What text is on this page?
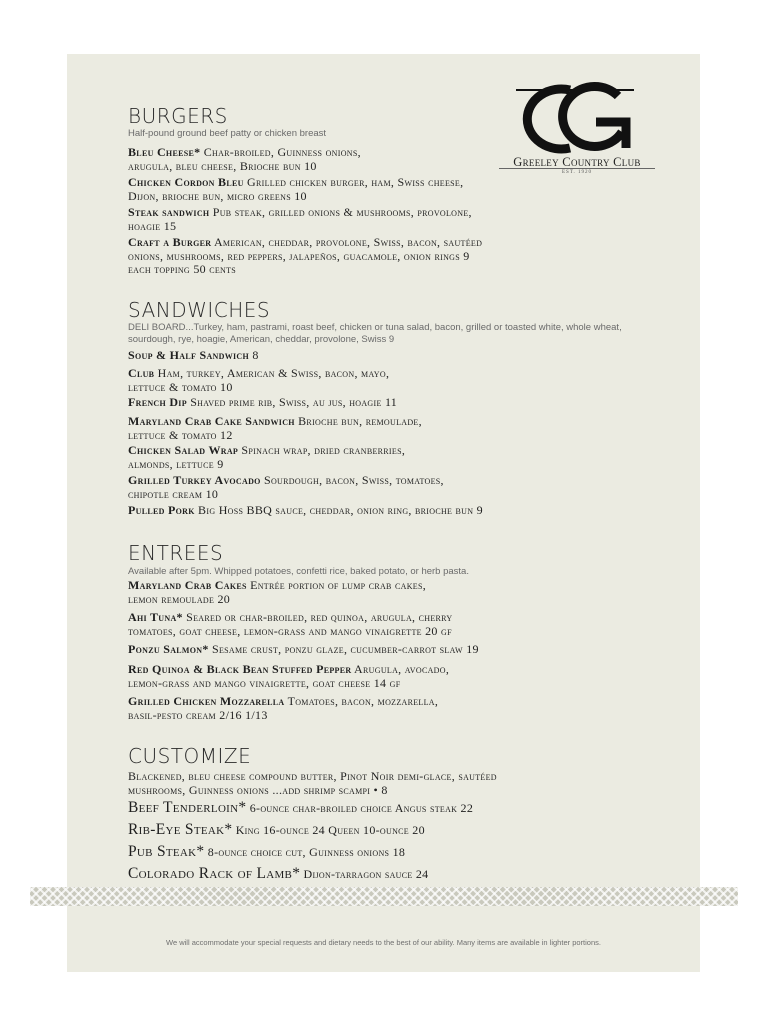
Greeley Country Club
EST. 1920
BURGERS
Half-pound ground beef patty or chicken breast
Bleu Cheese* Char-broiled, Guinness onions,
arugula, bleu cheese, Brioche bun 10
Chicken Cordon Bleu Grilled chicken burger, ham, Swiss cheese,
Dijon, brioche bun, micro greens 10
Steak sandwich Pub steak, grilled onions & mushrooms, provolone,
hoagie 15
Craft a Burger American, cheddar, provolone, Swiss, bacon, sautéed
onions, mushrooms, red peppers, jalapeños, guacamole, onion rings 9
each topping 50 cents
SANDWICHES
DELI BOARD...Turkey, ham, pastrami, roast beef, chicken or tuna salad, bacon, grilled or toasted white, whole wheat, sourdough, rye, hoagie, American, cheddar, provolone, Swiss 9
Soup & Half Sandwich 8
Club Ham, turkey, American & Swiss, bacon, mayo,
lettuce & tomato 10
French Dip Shaved prime rib, Swiss, au jus, hoagie 11
Maryland Crab Cake Sandwich Brioche bun, remoulade,
lettuce & tomato 12
Chicken Salad Wrap Spinach wrap, dried cranberries,
almonds, lettuce 9
Grilled Turkey Avocado Sourdough, bacon, Swiss, tomatoes,
chipotle cream 10
Pulled Pork Big Hoss BBQ sauce, cheddar, onion ring, brioche bun 9
ENTREES
Available after 5pm. Whipped potatoes, confetti rice, baked potato, or herb pasta.
Maryland Crab Cakes Entrée portion of lump crab cakes,
lemon remoulade 20
Ahi Tuna* Seared or char-broiled, red quinoa, arugula, cherry
tomatoes, goat cheese, lemon-grass and mango vinaigrette 20 gf
Ponzu Salmon* Sesame crust, ponzu glaze, cucumber-carrot slaw 19
Red Quinoa & Black Bean Stuffed Pepper Arugula, avocado,
lemon-grass and mango vinaigrette, goat cheese 14 gf
Grilled Chicken Mozzarella Tomatoes, bacon, mozzarella,
basil-pesto cream 2/16 1/13
CUSTOMIZE
Blackened, bleu cheese compound butter, Pinot Noir demi-glace, sautéed
mushrooms, Guinness onions ...add shrimp scampi • 8
Beef Tenderloin* 6-ounce char-broiled choice Angus steak 22
Rib-Eye Steak* King 16-ounce 24 Queen 10-ounce 20
Pub Steak* 8-ounce choice cut, Guinness onions 18
Colorado Rack of Lamb* Dijon-tarragon sauce 24
We will accommodate your special requests and dietary needs to the best of our ability. Many items are available in lighter portions.
